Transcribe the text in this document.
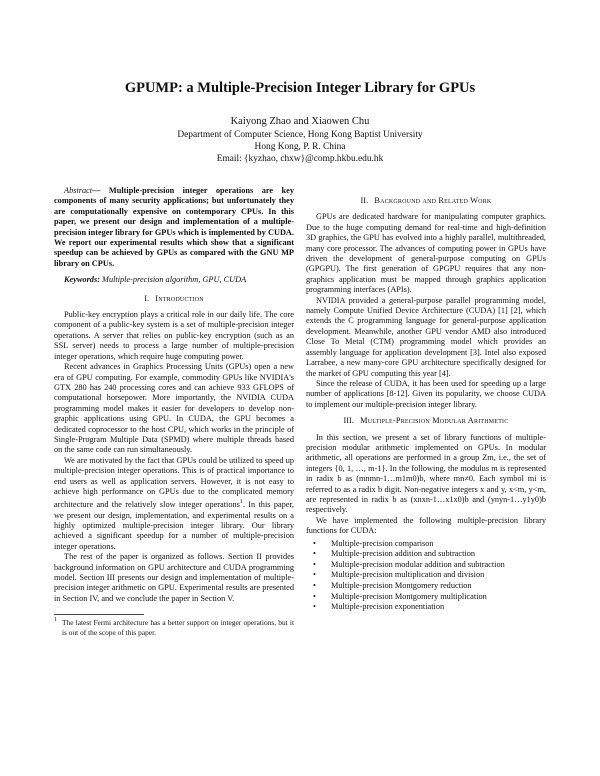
GPUMP: a Multiple-Precision Integer Library for GPUs
Kaiyong Zhao and Xiaowen Chu
Department of Computer Science, Hong Kong Baptist University
Hong Kong, P. R. China
Email: {kyzhao, chxw}@comp.hkbu.edu.hk

Abstract— Multiple-precision integer operations are key components of many security applications; but unfortunately they are computationally expensive on contemporary CPUs. In this paper, we present our design and implementation of a multiple-precision integer library for GPUs which is implemented by CUDA. We report our experimental results which show that a significant speedup can be achieved by GPUs as compared with the GNU MP library on CPUs.

Keywords: Multiple-precision algorithm, GPU, CUDA

I. Introduction

Public-key encryption plays a critical role in our daily life. The core component of a public-key system is a set of multiple-precision integer operations. A server that relies on public-key encryption (such as an SSL server) needs to process a large number of multiple-precision integer operations, which require huge computing power.

Recent advances in Graphics Processing Units (GPUs) open a new era of GPU computing. For example, commodity GPUs like NVIDIA's GTX 280 has 240 processing cores and can achieve 933 GFLOPS of computational horsepower. More importantly, the NVIDIA CUDA programming model makes it easier for developers to develop non-graphic applications using GPU. In CUDA, the GPU becomes a dedicated coprocessor to the host CPU, which works in the principle of Single-Program Multiple Data (SPMD) where multiple threads based on the same code can run simultaneously.

We are motivated by the fact that GPUs could be utilized to speed up multiple-precision integer operations. This is of practical importance to end users as well as application servers. However, it is not easy to achieve high performance on GPUs due to the complicated memory architecture and the relatively slow integer operations$^1$. In this paper, we present our design, implementation, and experimental results on a highly optimized multiple-precision integer library. Our library achieved a significant speedup for a number of multiple-precision integer operations.

The rest of the paper is organized as follows. Section II provides background information on GPU architecture and CUDA programming model. Section III presents our design and implementation of multiple-precision integer arithmetic on GPU. Experimental results are presented in Section IV, and we conclude the paper in Section V.

1 The latest Fermi architecture has a better support on integer operations, but it is out of the scope of this paper.

II. Background and Related Work

GPUs are dedicated hardware for manipulating computer graphics. Due to the huge computing demand for real-time and high-definition 3D graphics, the GPU has evolved into a highly parallel, multithreaded, many core processor. The advances of computing power in GPUs have driven the development of general-purpose computing on GPUs (GPGPU). The first generation of GPGPU requires that any non-graphics application must be mapped through graphics application programming interfaces (APIs).

NVIDIA provided a general-purpose parallel programming model, namely Compute Unified Device Architecture (CUDA) [1] [2], which extends the C programming language for general-purpose application development. Meanwhile, another GPU vendor AMD also introduced Close To Metal (CTM) programming model which provides an assembly language for application development [3]. Intel also exposed Larrabee, a new many-core GPU architecture specifically designed for the market of GPU computing this year [4].

Since the release of CUDA, it has been used for speeding up a large number of applications [8-12]. Given its popularity, we choose CUDA to implement our multiple-precision integer library.

III. Multiple-Precision Modular Arithmetic

In this section, we present a set of library functions of multiple-precision modular arithmetic implemented on GPUs. In modular arithmetic, all operations are performed in a group Zm, i.e., the set of integers {0, 1, …, m-1}. In the following, the modulus m is represented in radix b as (mnmn-1…m1m0)b, where mn≠0. Each symbol mi is referred to as a radix b digit. Non-negative integers x and y, x<m, y<m, are represented in radix b as (xnxn-1…x1x0)b and (ynyn-1…y1y0)b respectively.

We have implemented the following multiple-precision library functions for CUDA:

• Multiple-precision comparison
• Multiple-precision addition and subtraction
• Multiple-precision modular addition and subtraction
• Multiple-precision multiplication and division
• Multiple-precision Montgomery reduction
• Multiple-precision Montgomery multiplication
• Multiple-precision exponentiation
